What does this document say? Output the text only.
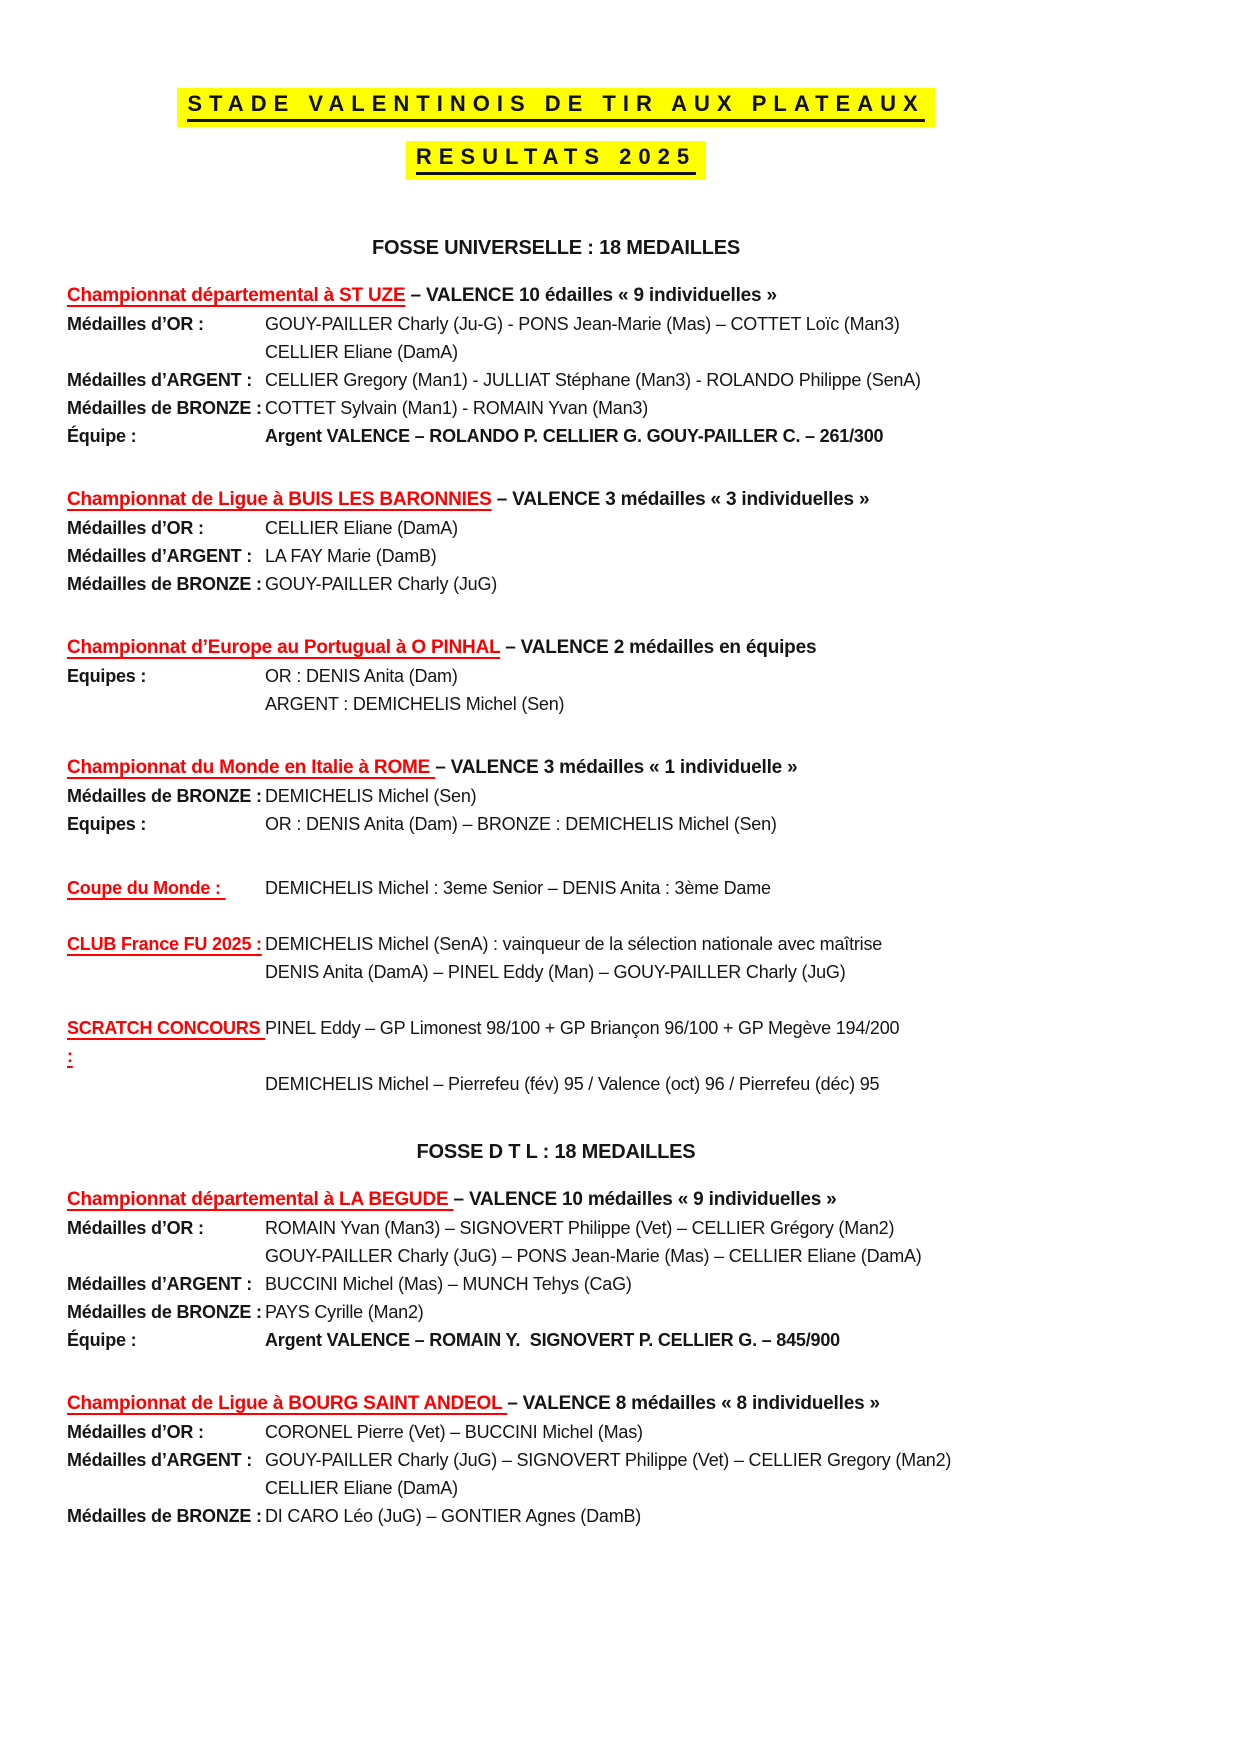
STADE VALENTINOIS DE TIR AUX PLATEAUX
RESULTATS 2025
FOSSE UNIVERSELLE : 18 MEDAILLES

Championnat départemental à ST UZE – VALENCE 10 édailles « 9 individuelles »

Médailles d’OR :	GOUY-PAILLER Charly (Ju-G) - PONS Jean-Marie (Mas) – COTTET Loïc (Man3)
CELLIER Eliane (DamA)
Médailles d’ARGENT : CELLIER Gregory (Man1) - JULLIAT Stéphane (Man3) - ROLANDO Philippe (SenA)
Médailles de BRONZE : COTTET Sylvain (Man1) - ROMAIN Yvan (Man3)
Équipe :	Argent VALENCE – ROLANDO P. CELLIER G. GOUY-PAILLER C. – 261/300

Championnat de Ligue à BUIS LES BARONNIES – VALENCE 3 médailles « 3 individuelles »

Médailles d’OR :	CELLIER Eliane (DamA)
Médailles d’ARGENT : LA FAY Marie (DamB)
Médailles de BRONZE : GOUY-PAILLER Charly (JuG)

Championnat d’Europe au Portugual à O PINHAL – VALENCE 2 médailles en équipes

Equipes :	OR : DENIS Anita (Dam)
ARGENT : DEMICHELIS Michel (Sen)

Championnat du Monde en Italie à ROME – VALENCE 3 médailles « 1 individuelle »

Médailles de BRONZE : DEMICHELIS Michel (Sen)
Equipes :	OR : DENIS Anita (Dam) – BRONZE : DEMICHELIS Michel (Sen)
Coupe du Monde :	DEMICHELIS Michel : 3eme Senior – DENIS Anita : 3ème Dame
CLUB France FU 2025 : DEMICHELIS Michel (SenA) : vainqueur de la sélection nationale avec maîtrise
DENIS Anita (DamA) – PINEL Eddy (Man) – GOUY-PAILLER Charly (JuG)
SCRATCH CONCOURS :
PINEL Eddy – GP Limonest 98/100 + GP Briançon 96/100 + GP Megève 194/200
DEMICHELIS Michel – Pierrefeu (fév) 95 / Valence (oct) 96 / Pierrefeu (déc) 95
FOSSE D T L : 18 MEDAILLES

Championnat départemental à LA BEGUDE – VALENCE 10 médailles « 9 individuelles »

Médailles d’OR :	ROMAIN Yvan (Man3) – SIGNOVERT Philippe (Vet) – CELLIER Grégory (Man2)
GOUY-PAILLER Charly (JuG) – PONS Jean-Marie (Mas) – CELLIER Eliane (DamA)
Médailles d’ARGENT : BUCCINI Michel (Mas) – MUNCH Tehys (CaG)
Médailles de BRONZE : PAYS Cyrille (Man2)
Équipe :	Argent VALENCE – ROMAIN Y.  SIGNOVERT P. CELLIER G. – 845/900

Championnat de Ligue à BOURG SAINT ANDEOL – VALENCE 8 médailles « 8 individuelles »

Médailles d’OR :	CORONEL Pierre (Vet) – BUCCINI Michel (Mas)
Médailles d’ARGENT : GOUY-PAILLER Charly (JuG) – SIGNOVERT Philippe (Vet) – CELLIER Gregory (Man2)
CELLIER Eliane (DamA)
Médailles de BRONZE : DI CARO Léo (JuG) – GONTIER Agnes (DamB)
